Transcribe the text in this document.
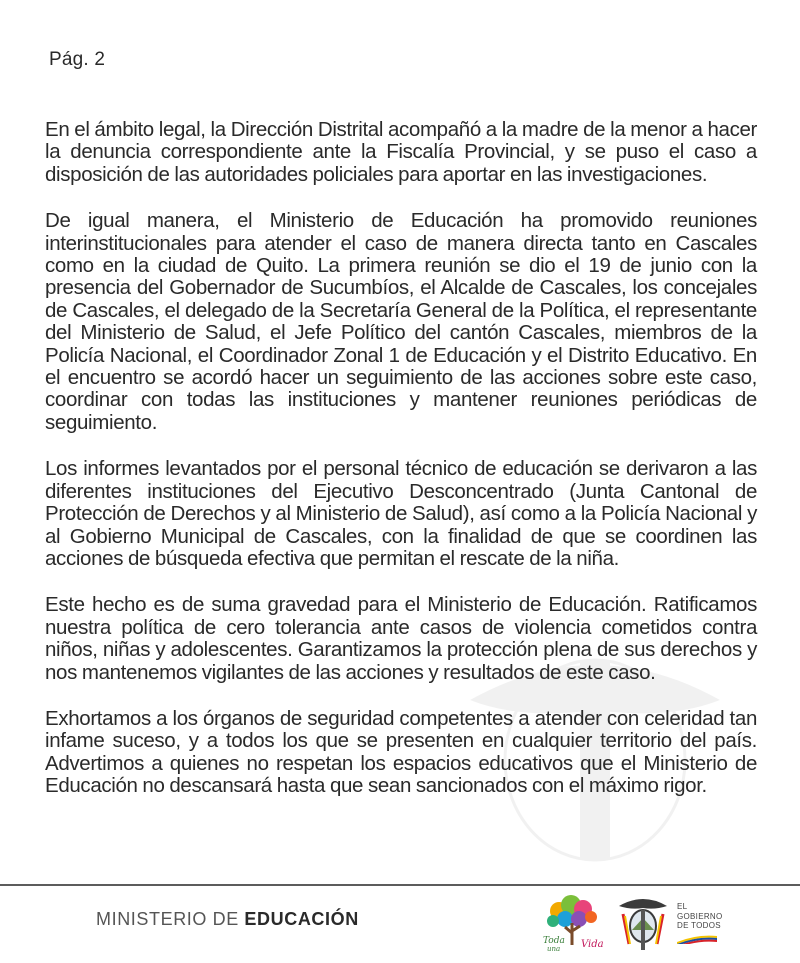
Pág. 2

En el ámbito legal, la Dirección Distrital acompañó a la madre de la menor a hacer la denuncia correspondiente ante la Fiscalía Provincial, y se puso el caso a disposición de las autoridades policiales para aportar en las investigaciones.

De igual manera, el Ministerio de Educación ha promovido reuniones interinstitucionales para atender el caso de manera directa tanto en Cascales como en la ciudad de Quito. La primera reunión se dio el 19 de junio con la presencia del Gobernador de Sucumbíos, el Alcalde de Cascales, los concejales de Cascales, el delegado de la Secretaría General de la Política, el representante del Ministerio de Salud, el Jefe Político del cantón Cascales, miembros de la Policía Nacional, el Coordinador Zonal 1 de Educación y el Distrito Educativo. En el encuentro se acordó hacer un seguimiento de las acciones sobre este caso, coordinar con todas las instituciones y mantener reuniones periódicas de seguimiento.

Los informes levantados por el personal técnico de educación se derivaron a las diferentes instituciones del Ejecutivo Desconcentrado (Junta Cantonal de Protección de Derechos y al Ministerio de Salud), así como a la Policía Nacional y al Gobierno Municipal de Cascales, con la finalidad de que se coordinen las acciones de búsqueda efectiva que permitan el rescate de la niña.

Este hecho es de suma gravedad para el Ministerio de Educación. Ratificamos nuestra política de cero tolerancia ante casos de violencia cometidos contra niños, niñas y adolescentes. Garantizamos la protección plena de sus derechos y nos mantenemos vigilantes de las acciones y resultados de este caso.

Exhortamos a los órganos de seguridad competentes a atender con celeridad tan infame suceso, y a todos los que se presenten en cualquier territorio del país. Advertimos a quienes no respetan los espacios educativos que el Ministerio de Educación no descansará hasta que sean sancionados con el máximo rigor.

MINISTERIO DE EDUCACIÓN
Toda
una Vida
EL
GOBIERNO
DE TODOS
